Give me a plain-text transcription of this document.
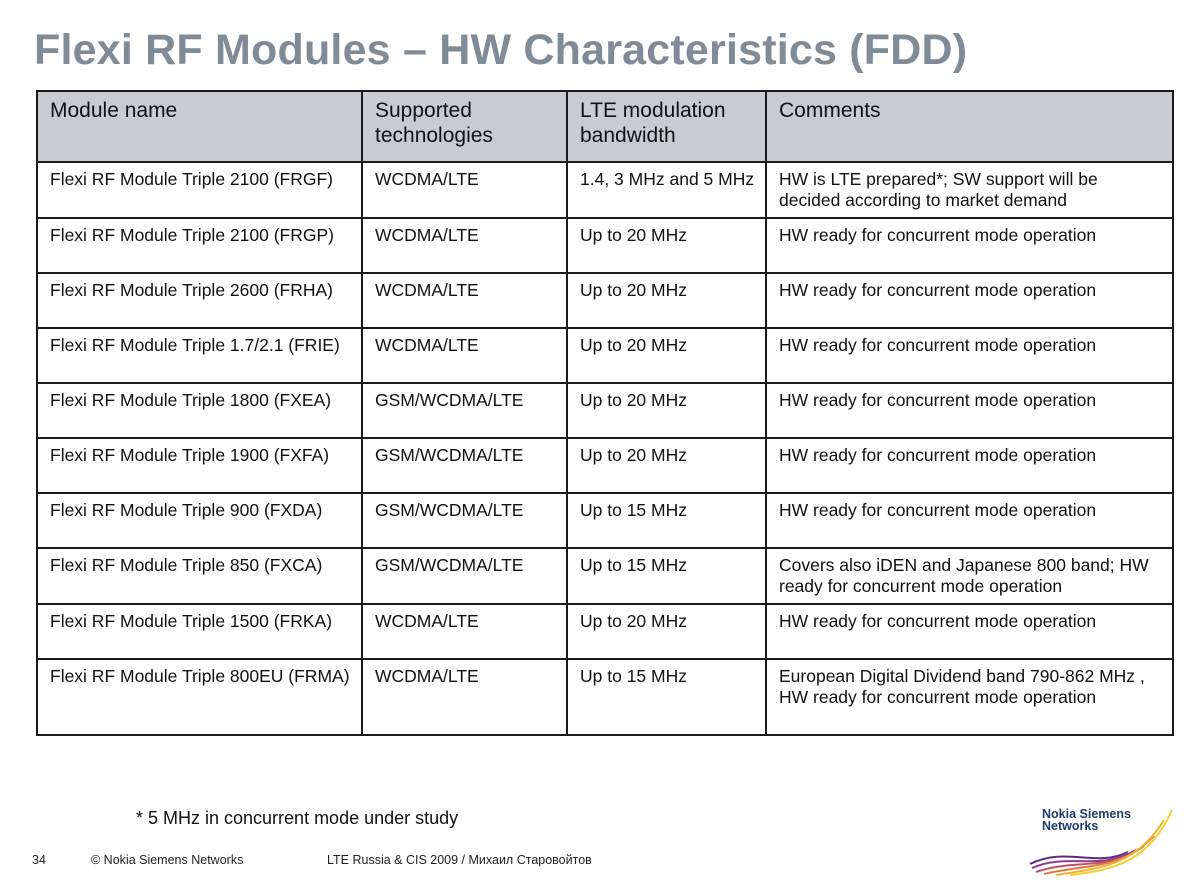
Flexi RF Modules – HW Characteristics (FDD)
Module name	Supported technologies	LTE modulation bandwidth	Comments
Flexi RF Module Triple 2100 (FRGF)	WCDMA/LTE	1.4, 3 MHz and 5 MHz	HW is LTE prepared*; SW support will be decided according to market demand
Flexi RF Module Triple 2100 (FRGP)	WCDMA/LTE	Up to 20 MHz	HW ready for concurrent mode operation
Flexi RF Module Triple 2600 (FRHA)	WCDMA/LTE	Up to 20 MHz	HW ready for concurrent mode operation
Flexi RF Module Triple 1.7/2.1 (FRIE)	WCDMA/LTE	Up to 20 MHz	HW ready for concurrent mode operation
Flexi RF Module Triple 1800 (FXEA)	GSM/WCDMA/LTE	Up to 20 MHz	HW ready for concurrent mode operation
Flexi RF Module Triple 1900 (FXFA)	GSM/WCDMA/LTE	Up to 20 MHz	HW ready for concurrent mode operation
Flexi RF Module Triple 900 (FXDA)	GSM/WCDMA/LTE	Up to 15 MHz	HW ready for concurrent mode operation
Flexi RF Module Triple 850 (FXCA)	GSM/WCDMA/LTE	Up to 15 MHz	Covers also iDEN and Japanese 800 band; HW ready for concurrent mode operation
Flexi RF Module Triple 1500 (FRKA)	WCDMA/LTE	Up to 20 MHz	HW ready for concurrent mode operation
Flexi RF Module Triple 800EU (FRMA)	WCDMA/LTE	Up to 15 MHz	European Digital Dividend band 790-862 MHz , HW ready for concurrent mode operation
* 5 MHz in concurrent mode under study
34	© Nokia Siemens Networks	LTE Russia & CIS 2009 / Михаил Старовойтов
Nokia Siemens
Networks
